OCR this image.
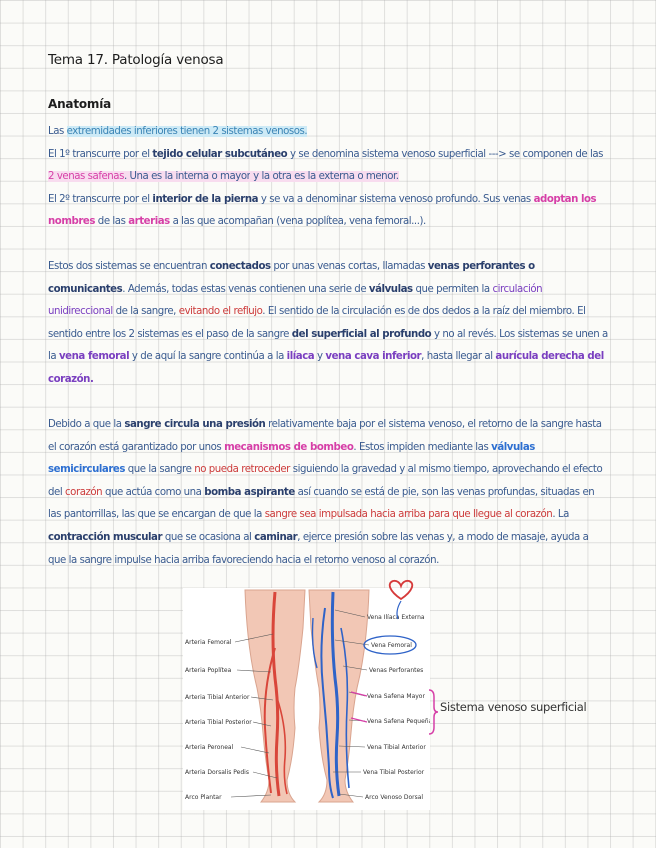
Tema 17. Patología venosa
Anatomía
Las extremidades inferiores tienen 2 sistemas venosos.
El 1º transcurre por el tejido celular subcutáneo y se denomina sistema venoso superficial ---> se componen de las 2 venas safenas. Una es la interna o mayor y la otra es la externa o menor.
El 2º transcurre por el interior de la pierna y se va a denominar sistema venoso profundo. Sus venas adoptan los nombres de las arterias a las que acompañan (vena poplítea, vena femoral...).
Estos dos sistemas se encuentran conectados por unas venas cortas, llamadas venas perforantes o comunicantes. Además, todas estas venas contienen una serie de válvulas que permiten la circulación unidireccional de la sangre, evitando el reflujo. El sentido de la circulación es de dos dedos a la raíz del miembro. El sentido entre los 2 sistemas es el paso de la sangre del superficial al profundo y no al revés. Los sistemas se unen a la vena femoral y de aquí la sangre continúa a la ilíaca y vena cava inferior, hasta llegar al aurícula derecha del corazón.
Debido a que la sangre circula una presión relativamente baja por el sistema venoso, el retorno de la sangre hasta el corazón está garantizado por unos mecanismos de bombeo. Estos impiden mediante las válvulas semicirculares que la sangre no pueda retroceder siguiendo la gravedad y al mismo tiempo, aprovechando el efecto del corazón que actúa como una bomba aspirante así cuando se está de pie, son las venas profundas, situadas en las pantorrillas, las que se encargan de que la sangre sea impulsada hacia arriba para que llegue al corazón. La contracción muscular que se ocasiona al caminar, ejerce presión sobre las venas y, a modo de masaje, ayuda a que la sangre impulse hacia arriba favoreciendo hacia el retorno venoso al corazón.
Arteria Femoral
Arteria Poplítea
Arteria Tibial Anterior
Arteria Tibial Posterior
Arteria Peroneal
Arteria Dorsalis Pedis
Arco Plantar
Vena Ilíaca Externa
Vena Femoral
Venas Perforantes
Vena Safena Mayor
Vena Safena Pequeña
Vena Tibial Anterior
Vena Tibial Posterior
Arco Venoso Dorsal
Sistema venoso superficial
